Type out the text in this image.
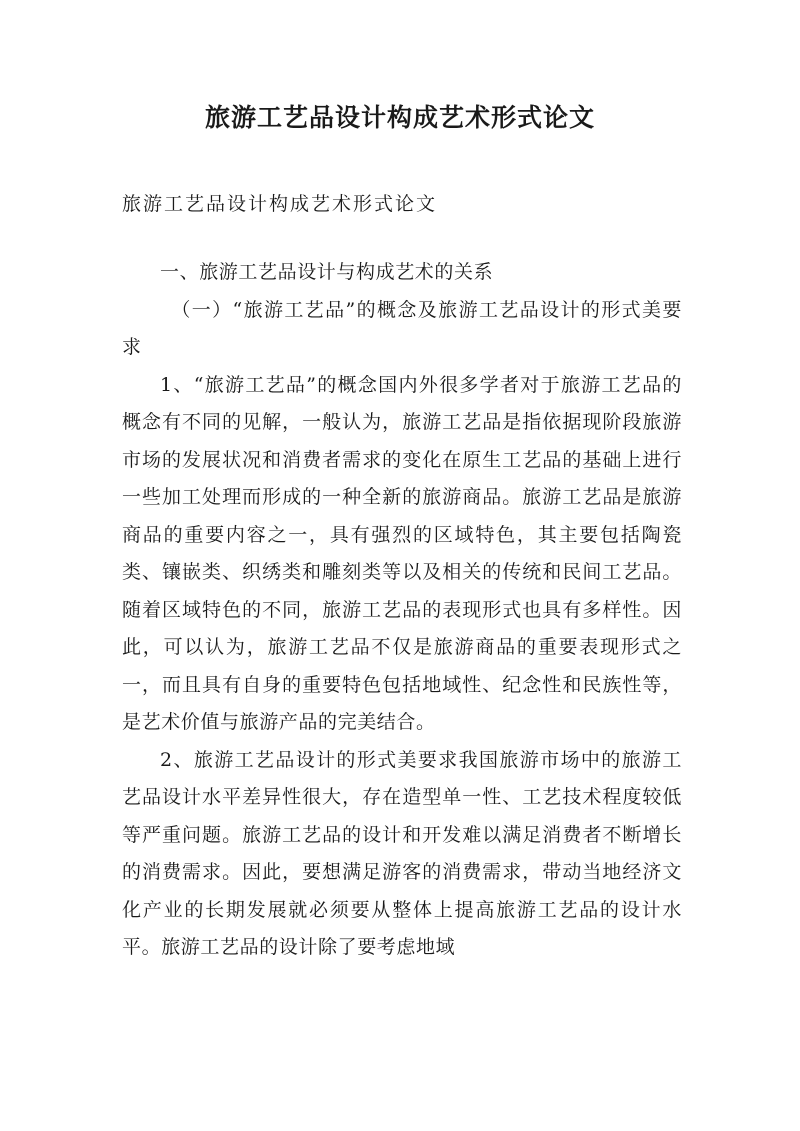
旅游工艺品设计构成艺术形式论文

旅游工艺品设计构成艺术形式论文

一、旅游工艺品设计与构成艺术的关系

（一）“旅游工艺品”的概念及旅游工艺品设计的形式美要求

1、“旅游工艺品”的概念国内外很多学者对于旅游工艺品的概念有不同的见解，一般认为，旅游工艺品是指依据现阶段旅游市场的发展状况和消费者需求的变化在原生工艺品的基础上进行一些加工处理而形成的一种全新的旅游商品。旅游工艺品是旅游商品的重要内容之一，具有强烈的区域特色，其主要包括陶瓷类、镶嵌类、织绣类和雕刻类等以及相关的传统和民间工艺品。随着区域特色的不同，旅游工艺品的表现形式也具有多样性。因此，可以认为，旅游工艺品不仅是旅游商品的重要表现形式之一，而且具有自身的重要特色包括地域性、纪念性和民族性等，是艺术价值与旅游产品的完美结合。

2、旅游工艺品设计的形式美要求我国旅游市场中的旅游工艺品设计水平差异性很大，存在造型单一性、工艺技术程度较低等严重问题。旅游工艺品的设计和开发难以满足消费者不断增长的消费需求。因此，要想满足游客的消费需求，带动当地经济文化产业的长期发展就必须要从整体上提高旅游工艺品的设计水平。旅游工艺品的设计除了要考虑地域
